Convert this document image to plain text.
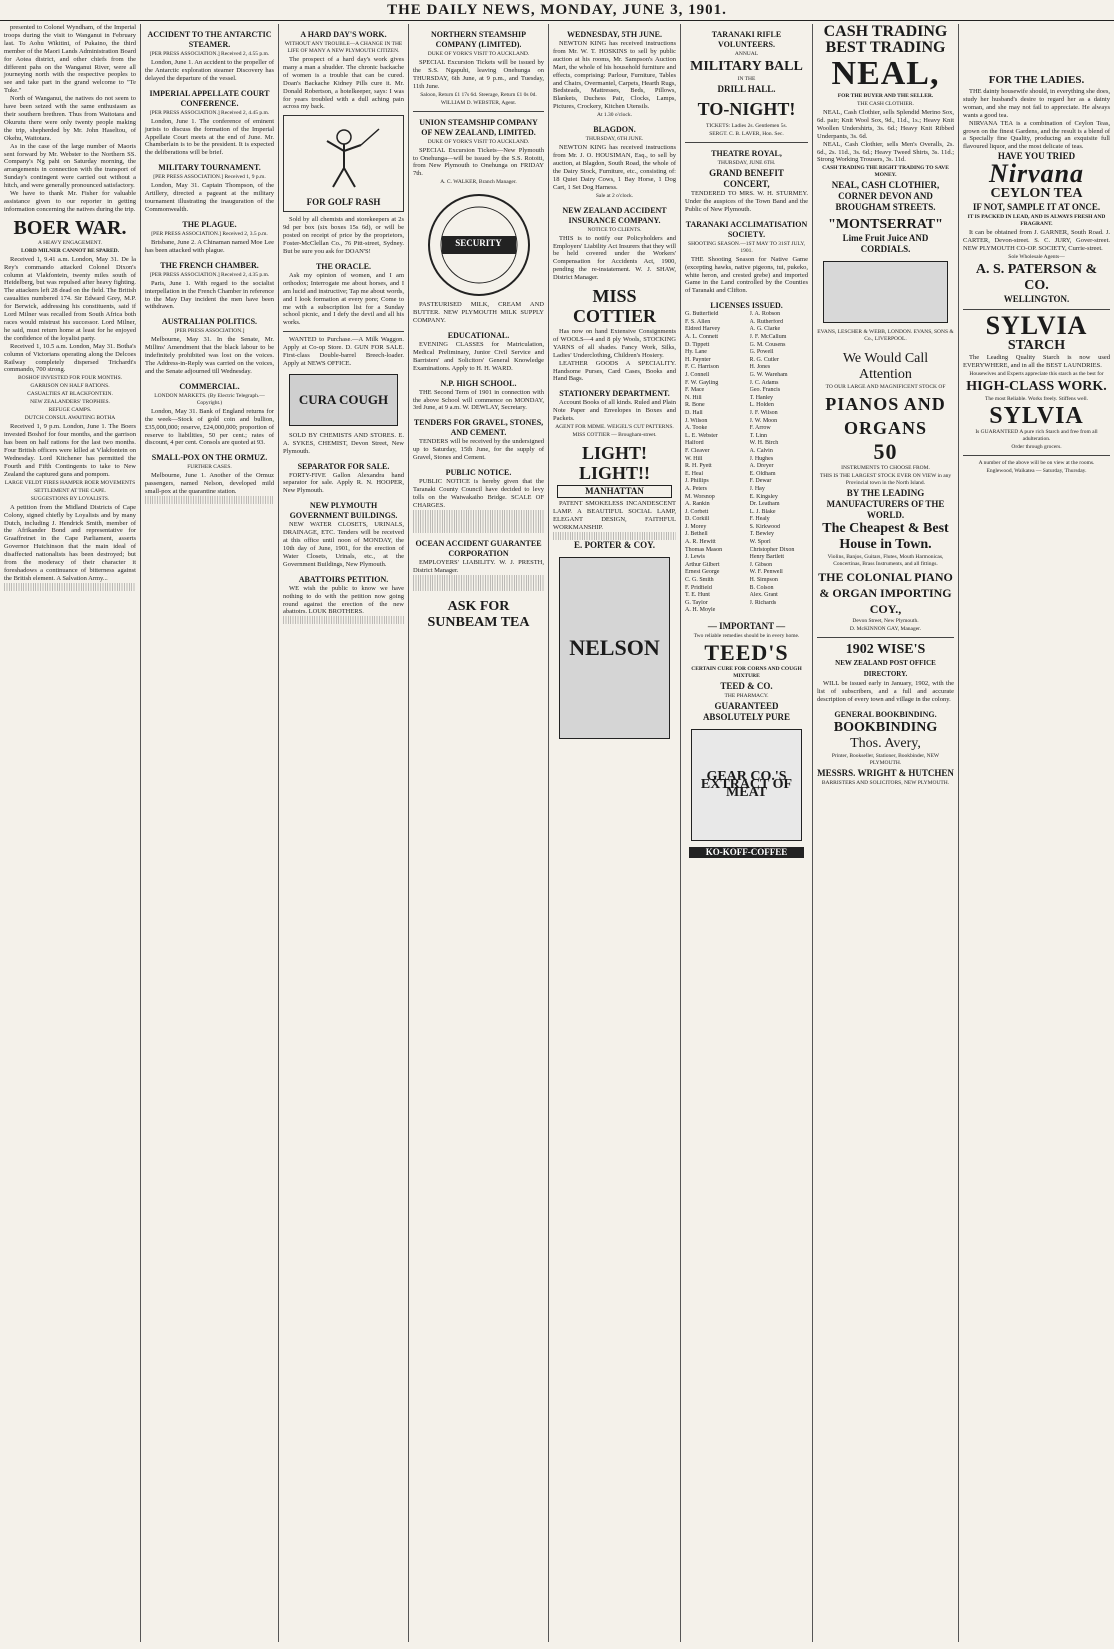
THE DAILY NEWS, MONDAY, JUNE 3, 1901.

presented to Colonel Wyndham, of the Imperial troops during the visit to Wanganui in February last. To Aohu Wikitini, of Pukaino, the third member of the Maori Lands Administration Board for Aotea district, and other chiefs from the different pahs on the Wanganui River, were all journeying north with the respective peoples to see and take part in the grand welcome to "Te Tuke."

North of Wanganui, the natives do not seem to have been seized with the same enthusiasm as their southern brethren. Thus from Waitotara and Okurutu there were only twenty people making the trip, shepherded by Mr. John Haseltou, of Okehu, Waitotara.

As in the case of the large number of Maoris sent forward by Mr. Webster to the Northern SS. Company's Ng pahi on Saturday morning, the arrangements in connection with the transport of Sunday's contingent were carried out without a hitch, and were generally pronounced satisfactory.

We have to thank Mr. Fisher for valuable assistance given to our reporter in getting information concerning the natives during the trip.

BOER WAR.
A HEAVY ENGAGEMENT.
LORD MILNER CANNOT BE SPARED.

Received 1, 9.41 a.m. London, May 31. De la Rey's commando attacked Colonel Dixon's column at Vlakfontein, twenty miles south of Heidelberg, but was repulsed after heavy fighting. The attackers left 28 dead on the field. The British casualties numbered 174. Sir Edward Grey, M.P. for Berwick, addressing his constituents, said if Lord Milner was recalled from South Africa both races would mistrust his successor. Lord Milner, he said, must return home at least for he enjoyed the confidence of the loyalist party.

Received 1, 10.5 a.m. London, May 31. Botha's column of Victorians operating along the Delcoes Railway completely dispersed Trichardt's commando, 700 strong.

BOSHOF INVESTED FOR FOUR MONTHS.
GARRISON ON HALF RATIONS.
CASUALTIES AT BLACKFONTEIN.
NEW ZEALANDERS' TROPHIES.
REFUGE CAMPS.
DUTCH CONSUL AWAITING BOTHA

Received 1, 9 p.m. London, June 1. The Boers invested Boshof for four months, and the garrison has been on half rations for the last two months. Four British officers were killed at Vlakfontein on Wednesday. Lord Kitchener has permitted the Fourth and Fifth Contingents to take to New Zealand the captured guns and pompom.

LARGE VELDT FIRES HAMPER BOER MOVEMENTS
SETTLEMENT AT THE CAPE.
SUGGESTIONS BY LOYALISTS.

A petition from the Midland Districts of Cape Colony, signed chiefly by Loyalists and by many Dutch, including J. Hendrick Smith, member of the Afrikander Bond and representative for Graaffreinet in the Cape Parliament, asserts Governor Hutchinson that the main ideal of disaffected nationalists has been destroyed; but from the moderacy of their character it foreshadows a continuance of bitterness against the British element. A Salvation Army...

ACCIDENT TO THE ANTARCTIC STEAMER.
[PER PRESS ASSOCIATION.] Received 2, 4.55 p.m.

London, June 1. An accident to the propeller of the Antarctic exploration steamer Discovery has delayed the departure of the vessel.

IMPERIAL APPELLATE COURT CONFERENCE.
[PER PRESS ASSOCIATION.] Received 2, 4.45 p.m.

London, June 1. The conference of eminent jurists to discuss the formation of the Imperial Appellate Court meets at the end of June. Mr. Chamberlain is to be the president. It is expected the deliberations will be brief.

MILITARY TOURNAMENT.
[PER PRESS ASSOCIATION.] Received 1, 9 p.m.

London, May 31. Captain Thompson, of the Artillery, directed a pageant at the military tournament illustrating the inauguration of the Commonwealth.

THE PLAGUE.
[PER PRESS ASSOCIATION.] Received 2, 3.5 p.m.

Brisbane, June 2. A Chinaman named Moe Lee has been attacked with plague.

THE FRENCH CHAMBER.
[PER PRESS ASSOCIATION.] Received 2, 4.35 p.m.

Paris, June 1. With regard to the socialist interpellation in the French Chamber in reference to the May Day incident the men have been withdrawn.

AUSTRALIAN POLITICS.
[PER PRESS ASSOCIATION.]

Melbourne, May 31. In the Senate, Mr. Millins' Amendment that the black labour to be indefinitely prohibited was lost on the voices. The Address-in-Reply was carried on the voices, and the Senate adjourned till Wednesday.

COMMERCIAL.
LONDON MARKETS. (By Electric Telegraph.—Copyright.)

London, May 31. Bank of England returns for the week—Stock of gold coin and bullion, £35,000,000; reserve, £24,000,000; proportion of reserve to liabilities, 50 per cent.; rates of discount, 4 per cent. Consols are quoted at 93.

SMALL-POX ON THE ORMUZ.
FURTHER CASES.

Melbourne, June 1. Another of the Ormuz passengers, named Nelson, developed mild small-pox at the quarantine station.

A HARD DAY'S WORK.
WITHOUT ANY TROUBLE—A CHANGE IN THE LIFE OF MANY A NEW PLYMOUTH CITIZEN.

The prospect of a hard day's work gives many a man a shudder. The chronic backache of women is a trouble that can be cured. Doan's Backache Kidney Pills cure it. Mr. Donald Robertson, a hotelkeeper, says: I was for years troubled with a dull aching pain across my back.

FOR GOLF RASH

Sold by all chemists and storekeepers at 2s 9d per box (six boxes 15s 6d), or will be posted on receipt of price by the proprietors, Foster-McClellan Co., 76 Pitt-street, Sydney. But be sure you ask for DOAN'S!

THE ORACLE.

Ask my opinion of women, and I am orthodox; Interrogate me about horses, and I am lucid and instructive; Tap me about words, and I look formation at every pore; Come to me with a subscription list for a Sunday school picnic, and I defy the devil and all his works.

WANTED to Purchase.—A Milk Waggon. Apply at Co-op Store. D. GUN FOR SALE. First-class Double-barrel Breech-loader. Apply at NEWS OFFICE.

CURA COUGH

SOLD BY CHEMISTS AND STORES. E. A. SYKES, CHEMIST, Devon Street, New Plymouth.

SEPARATOR FOR SALE.

FORTY-FIVE Gallon Alexandra hand separator for sale. Apply R. N. HOOPER, New Plymouth.

NEW PLYMOUTH GOVERNMENT BUILDINGS.

NEW WATER CLOSETS, URINALS, DRAINAGE, ETC. Tenders will be received at this office until noon of MONDAY, the 10th day of June, 1901, for the erection of Water Closets, Urinals, etc., at the Government Buildings, New Plymouth.

ABATTOIRS PETITION.

WE wish the public to know we have nothing to do with the petition now going round against the erection of the new abattoirs. LOUK BROTHERS.

NORTHERN STEAMSHIP COMPANY (LIMITED).
DUKE OF YORK'S VISIT TO AUCKLAND.

SPECIAL Excursion Tickets will be issued by the S.S. Ngapuhi, leaving Onehunga on THURSDAY, 6th June, at 9 p.m., and Tuesday, 11th June.

Saloon, Return £1 17s 6d. Steerage, Return £1 0s 0d.
WILLIAM D. WEBSTER, Agent.
UNION STEAMSHIP COMPANY OF NEW ZEALAND, LIMITED.
DUKE OF YORK'S VISIT TO AUCKLAND.

SPECIAL Excursion Tickets—New Plymouth to Onehunga—will be issued by the S.S. Rotoiti, from New Plymouth to Onehunga on FRIDAY 7th.

A. C. WALKER, Branch Manager.
SECURITY

PASTEURISED MILK, CREAM AND BUTTER. NEW PLYMOUTH MILK SUPPLY COMPANY.

EDUCATIONAL.

EVENING CLASSES for Matriculation, Medical Preliminary, Junior Civil Service and Barristers' and Solicitors' General Knowledge Examinations. Apply to H. H. WARD.

N.P. HIGH SCHOOL.

THE Second Term of 1901 in connection with the above School will commence on MONDAY, 3rd June, at 9 a.m. W. DEWLAY, Secretary.

TENDERS FOR GRAVEL, STONES, AND CEMENT.

TENDERS will be received by the undersigned up to Saturday, 15th June, for the supply of Gravel, Stones and Cement.

PUBLIC NOTICE.

PUBLIC NOTICE is hereby given that the Taranaki County Council have decided to levy tolls on the Waiwakaiho Bridge. SCALE OF CHARGES.

OCEAN ACCIDENT GUARANTEE CORPORATION

EMPLOYERS' LIABILITY. W. J. PRESTH, District Manager.

ASK FOR SUNBEAM TEA
WEDNESDAY, 5TH JUNE.

NEWTON KING has received instructions from Mr. W. T. HOSKINS to sell by public auction at his rooms, Mr. Sampson's Auction Mart, the whole of his household furniture and effects, comprising: Parlour, Furniture, Tables and Chairs, Overmantel, Carpets, Hearth Rugs, Bedsteads, Mattresses, Beds, Pillows, Blankets, Duchess Pair, Clocks, Lamps, Pictures, Crockery, Kitchen Utensils.

At 1.30 o'clock.
BLAGDON.
THURSDAY, 6TH JUNE.

NEWTON KING has received instructions from Mr. J. O. HOUSIMAN, Esq., to sell by auction, at Blagdon, South Road, the whole of the Dairy Stock, Furniture, etc., consisting of: 18 Quiet Dairy Cows, 1 Bay Horse, 1 Dog Cart, 1 Set Dog Harness.

Sale at 2 o'clock.
NEW ZEALAND ACCIDENT INSURANCE COMPANY.
NOTICE TO CLIENTS.

THIS is to notify our Policyholders and Employers' Liability Act Insurers that they will be held covered under the Workers' Compensation for Accidents Act, 1900, pending the re-instatement. W. J. SHAW, District Manager.

MISS COTTIER

Has now on hand Extensive Consignments of WOOLS—4 and 8 ply Wools, STOCKING YARNS of all shades. Fancy Work, Silks, Ladies' Underclothing, Children's Hosiery.

LEATHER GOODS A SPECIALITY. Handsome Purses, Card Cases, Books and Hand Bags.

STATIONERY DEPARTMENT.

Account Books of all kinds. Ruled and Plain Note Paper and Envelopes in Boxes and Packets.

AGENT FOR MDME. WEIGEL'S CUT PATTERNS.
MISS COTTIER — Brougham-street.
LIGHT! LIGHT!!
MANHATTAN

PATENT SMOKELESS INCANDESCENT LAMP. A BEAUTIFUL SOCIAL LAMP, ELEGANT DESIGN, FAITHFUL WORKMANSHIP.

E. PORTER & COY.
NELSON
TARANAKI RIFLE VOLUNTEERS.
ANNUAL
MILITARY BALL
IN THE
DRILL HALL.
TO-NIGHT!
TICKETS: Ladies 2s. Gentlemen 5s.
SERGT. C. B. LAVER, Hon. Sec.
THEATRE ROYAL,
THURSDAY, JUNE 6TH.
GRAND BENEFIT CONCERT,

TENDERED TO MRS. W. H. STURMEY. Under the auspices of the Town Band and the Public of New Plymouth.

TARANAKI ACCLIMATISATION SOCIETY.
SHOOTING SEASON.—1ST MAY TO 31ST JULY, 1901.

THE Shooting Season for Native Game (excepting hawks, native pigeons, tui, pukeko, white heron, and crested grebe) and imported Game in the Land controlled by the Counties of Taranaki and Clifton.

LICENSES ISSUED.
G. Butterfield
F. S. Allen
Eldred Harvey
A. L. Connett
D. Tippett
Hy. Lane
H. Paynter
F. C. Harrison
J. Connell
F. W. Gayling
F. Mace
N. Hill
R. Bone
D. Hall
J. Wilson
A. Tooke
L. E. Webster
Halford
F. Cleaver
W. Hill
R. H. Pyett
E. Heal
J. Phillips
A. Peters
M. Worsnop
A. Rankin
J. Corbett
D. Corkill
J. Morey
J. Bethell
A. R. Hewitt
Thomas Mason
J. Lewis
Arthur Gilbert
Ernest George
C. G. Smith
F. Pridfield
T. E. Hunt
G. Taylor
A. H. Moyle
J. A. Robson
A. Rutherford
A. G. Clarke
J. F. McCallum
G. M. Cousens
G. Powell
R. G. Cutler
H. Jones
G. W. Wareham
J. C. Adams
Geo. Francis
T. Hanley
L. Holden
J. F. Wilson
J. W. Moon
F. Arrow
T. Linn
W. H. Birch
A. Calvin
J. Hughes
A. Dreyer
E. Oldham
F. Dewar
J. Hay
E. Kingsley
Dr. Leatham
L. J. Blake
F. Healy
S. Kirkwood
T. Bewley
W. Sporl
Christopher Dixon
Henry Bartlett
J. Gibson
W. F. Penwell
H. Simpson
B. Colson
Alex. Grant
J. Richards
— IMPORTANT —
Two reliable remedies should be in every home.
TEED'S
CERTAIN CURE FOR CORNS AND COUGH MIXTURE
TEED & CO.
THE PHARMACY.
GUARANTEED ABSOLUTELY PURE
GEAR CO.'S EXTRACT OF MEAT
KO-KOFF-COFFEE
CASH TRADING
BEST TRADING
NEAL,
FOR THE BUYER AND THE SELLER.
THE CASH CLOTHIER.

NEAL, Cash Clothier, sells Splendid Merino Sox, 6d. pair; Knit Wool Sox, 9d., 11d., 1s.; Heavy Knit Woollen Undershirts, 3s. 6d.; Heavy Knit Ribbed Underpants, 3s. 6d.

NEAL, Cash Clothier, sells Men's Overalls, 2s. 6d., 2s. 11d., 3s. 6d.; Heavy Tweed Shirts, 3s. 11d.; Strong Working Trousers, 3s. 11d.

CASH TRADING THE RIGHT TRADING TO SAVE MONEY.
NEAL, CASH CLOTHIER, CORNER DEVON AND BROUGHAM STREETS.
"MONTSERRAT"
Lime Fruit Juice AND CORDIALS.
EVANS, LESCHER & WEBB, LONDON. EVANS, SONS & Co., LIVERPOOL.
We Would Call Attention
TO OUR LARGE AND MAGNIFICENT STOCK OF
PIANOS AND ORGANS
50
INSTRUMENTS TO CHOOSE FROM.
THIS IS THE LARGEST STOCK EVER ON VIEW in any Provincial town in the North Island.
BY THE LEADING MANUFACTURERS OF THE WORLD.
The Cheapest & Best House in Town.
Violins, Banjos, Guitars, Flutes, Mouth Harmonicas, Concertinas, Brass Instruments, and all fittings.
THE COLONIAL PIANO & ORGAN IMPORTING COY.,
Devon Street, New Plymouth.
D. McKINNON GAY, Manager.
1902 WISE'S
NEW ZEALAND POST OFFICE DIRECTORY.

WILL be issued early in January, 1902, with the list of subscribers, and a full and accurate description of every town and village in the colony.

GENERAL BOOKBINDING.
BOOKBINDING
Thos. Avery,
Printer, Bookseller, Stationer, Bookbinder, NEW PLYMOUTH.
MESSRS. WRIGHT & HUTCHEN
BARRISTERS AND SOLICITORS, NEW PLYMOUTH.
FOR THE LADIES.

THE dainty housewife should, in everything she does, study her husband's desire to regard her as a dainty woman, and she may not fail to appreciate. He always wants a good tea.

NIRVANA TEA is a combination of Ceylon Teas, grown on the finest Gardens, and the result is a blend of a Specially fine Quality, producing an exquisite full flavoured liquor, and the most delicate of teas.

HAVE YOU TRIED
Nirvana
CEYLON TEA
IF NOT, SAMPLE IT AT ONCE.
IT IS PACKED IN LEAD, AND IS ALWAYS FRESH AND FRAGRANT.

It can be obtained from J. GARNER, South Road. J. CARTER, Devon-street. S. C. JURY, Gover-street. NEW PLYMOUTH CO-OP. SOCIETY, Currie-street.

Sole Wholesale Agents—
A. S. PATERSON & CO.
WELLINGTON.
SYLVIA
STARCH

The Leading Quality Starch is now used EVERYWHERE, and in all the BEST LAUNDRIES.

Housewives and Experts appreciate this starch as the best for
HIGH-CLASS WORK.
The most Reliable. Works freely. Stiffens well.
SYLVIA
Is GUARANTEED A pure rich Starch and free from all adulteration.
Order through grocers.
A number of the above will be on view at the rooms.
Englewood, Waikatea — Saturday, Thursday.
